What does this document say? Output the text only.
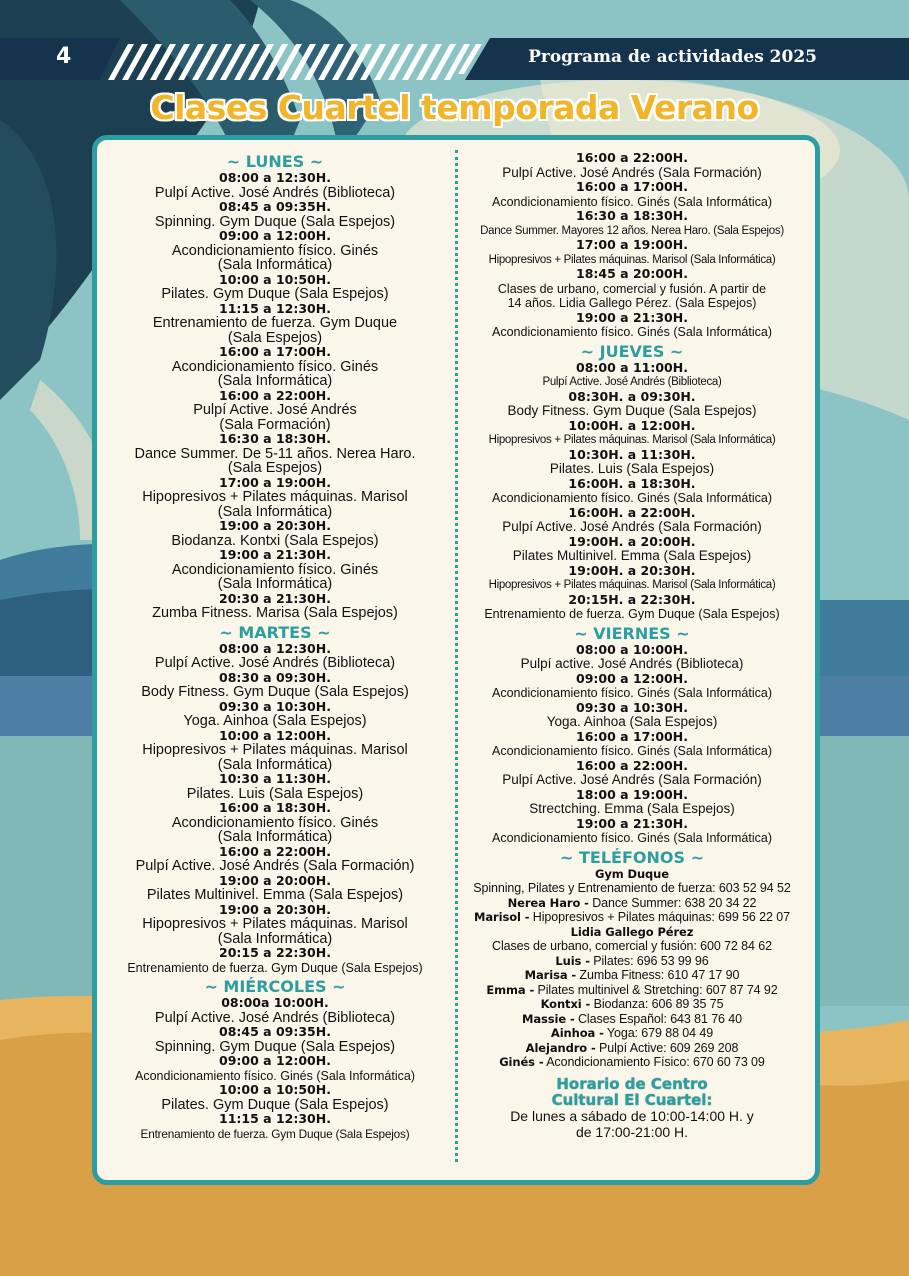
4	Programa de actividades 2025
Clases Cuartel temporada Verano
~ LUNES ~
08:00 a 12:30H.
Pulpí Active. José Andrés (Biblioteca)
08:45 a 09:35H.
Spinning. Gym Duque (Sala Espejos)
09:00 a 12:00H.
Acondicionamiento físico. Ginés
(Sala Informática)
10:00 a 10:50H.
Pilates. Gym Duque (Sala Espejos)
11:15 a 12:30H.
Entrenamiento de fuerza. Gym Duque
(Sala Espejos)
16:00 a 17:00H.
Acondicionamiento físico. Ginés
(Sala Informática)
16:00 a 22:00H.
Pulpí Active. José Andrés
(Sala Formación)
16:30 a 18:30H.
Dance Summer. De 5-11 años. Nerea Haro.
(Sala Espejos)
17:00 a 19:00H.
Hipopresivos + Pilates máquinas. Marisol
(Sala Informática)
19:00 a 20:30H.
Biodanza. Kontxi (Sala Espejos)
19:00 a 21:30H.
Acondicionamiento físico. Ginés
(Sala Informática)
20:30 a 21:30H.
Zumba Fitness. Marisa (Sala Espejos)
~ MARTES ~
08:00 a 12:30H.
Pulpí Active. José Andrés (Biblioteca)
08:30 a 09:30H.
Body Fitness. Gym Duque (Sala Espejos)
09:30 a 10:30H.
Yoga. Ainhoa (Sala Espejos)
10:00 a 12:00H.
Hipopresivos + Pilates máquinas. Marisol
(Sala Informática)
10:30 a 11:30H.
Pilates. Luis (Sala Espejos)
16:00 a 18:30H.
Acondicionamiento físico. Ginés
(Sala Informática)
16:00 a 22:00H.
Pulpí Active. José Andrés (Sala Formación)
19:00 a 20:00H.
Pilates Multinivel. Emma (Sala Espejos)
19:00 a 20:30H.
Hipopresivos + Pilates máquinas. Marisol
(Sala Informática)
20:15 a 22:30H.
Entrenamiento de fuerza. Gym Duque (Sala Espejos)
~ MIÉRCOLES ~
08:00a 10:00H.
Pulpí Active. José Andrés (Biblioteca)
08:45 a 09:35H.
Spinning. Gym Duque (Sala Espejos)
09:00 a 12:00H.
Acondicionamiento físico. Ginés (Sala Informática)
10:00 a 10:50H.
Pilates. Gym Duque (Sala Espejos)
11:15 a 12:30H.
Entrenamiento de fuerza. Gym Duque (Sala Espejos)
16:00 a 22:00H.
Pulpí Active. José Andrés (Sala Formación)
16:00 a 17:00H.
Acondicionamiento físico. Ginés (Sala Informática)
16:30 a 18:30H.
Dance Summer. Mayores 12 años. Nerea Haro. (Sala Espejos)
17:00 a 19:00H.
Hipopresivos + Pilates máquinas. Marisol (Sala Informática)
18:45 a 20:00H.
Clases de urbano, comercial y fusión. A partir de
14 años. Lidia Gallego Pérez. (Sala Espejos)
19:00 a 21:30H.
Acondicionamiento físico. Ginés (Sala Informática)
~ JUEVES ~
08:00 a 11:00H.
Pulpí Active. José Andrés (Biblioteca)
08:30H. a 09:30H.
Body Fitness. Gym Duque (Sala Espejos)
10:00H. a 12:00H.
Hipopresivos + Pilates máquinas. Marisol (Sala Informática)
10:30H. a 11:30H.
Pilates. Luis (Sala Espejos)
16:00H. a 18:30H.
Acondicionamiento físico. Ginés (Sala Informática)
16:00H. a 22:00H.
Pulpí Active. José Andrés (Sala Formación)
19:00H. a 20:00H.
Pilates Multinivel. Emma (Sala Espejos)
19:00H. a 20:30H.
Hipopresivos + Pilates máquinas. Marisol (Sala Informática)
20:15H. a 22:30H.
Entrenamiento de fuerza. Gym Duque (Sala Espejos)
~ VIERNES ~
08:00 a 10:00H.
Pulpí active. José Andrés (Biblioteca)
09:00 a 12:00H.
Acondicionamiento físico. Ginés (Sala Informática)
09:30 a 10:30H.
Yoga. Ainhoa (Sala Espejos)
16:00 a 17:00H.
Acondicionamiento físico. Ginés (Sala Informática)
16:00 a 22:00H.
Pulpí Active. José Andrés (Sala Formación)
18:00 a 19:00H.
Strectching. Emma (Sala Espejos)
19:00 a 21:30H.
Acondicionamiento físico. Ginés (Sala Informática)
~ TELÉFONOS ~
Gym Duque
Spinning, Pilates y Entrenamiento de fuerza: 603 52 94 52
Nerea Haro - Dance Summer: 638 20 34 22
Marisol - Hipopresivos + Pilates máquinas: 699 56 22 07
Lidia Gallego Pérez
Clases de urbano, comercial y fusión: 600 72 84 62
Luis - Pilates: 696 53 99 96
Marisa - Zumba Fitness: 610 47 17 90
Emma - Pilates multinivel & Stretching: 607 87 74 92
Kontxi - Biodanza: 606 89 35 75
Massie - Clases Español: 643 81 76 40
Ainhoa - Yoga: 679 88 04 49
Alejandro - Pulpí Active: 609 269 208
Ginés - Acondicionamiento Físico: 670 60 73 09
Horario de Centro
Cultural El Cuartel:
De lunes a sábado de 10:00-14:00 H. y
de 17:00-21:00 H.
